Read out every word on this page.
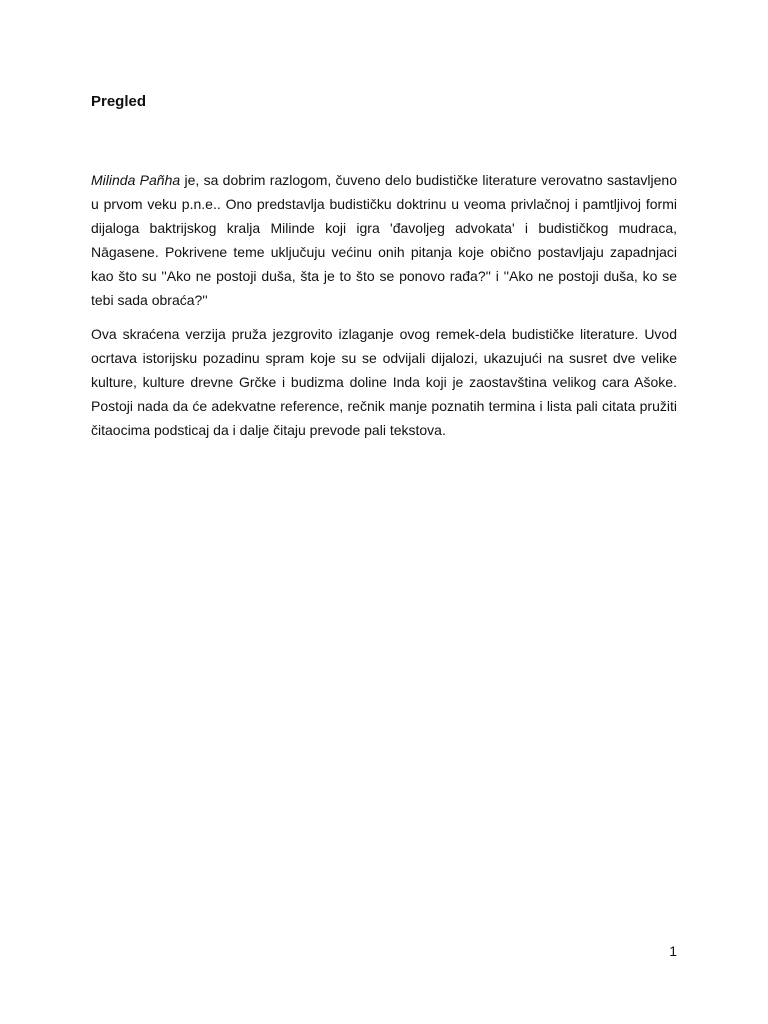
Pregled

Milinda Pañha je, sa dobrim razlogom, čuveno delo budističke literature verovatno sastavljeno u prvom veku p.n.e.. Ono predstavlja budističku doktrinu u veoma privlačnoj i pamtljivoj formi dijaloga baktrijskog kralja Milinde koji igra 'đavoljeg advokata' i budističkog mudraca, Nāgasene. Pokrivene teme uključuju većinu onih pitanja koje obično postavljaju zapadnjaci kao što su ''Ako ne postoji duša, šta je to što se ponovo rađa?'' i ''Ako ne postoji duša, ko se tebi sada obraća?''

Ova skraćena verzija pruža jezgrovito izlaganje ovog remek-dela budističke literature. Uvod ocrtava istorijsku pozadinu spram koje su se odvijali dijalozi, ukazujući na susret dve velike kulture, kulture drevne Grčke i budizma doline Inda koji je zaostavština velikog cara Ašoke. Postoji nada da će adekvatne reference, rečnik manje poznatih termina i lista pali citata pružiti čitaocima podsticaj da i dalje čitaju prevode pali tekstova.

1
